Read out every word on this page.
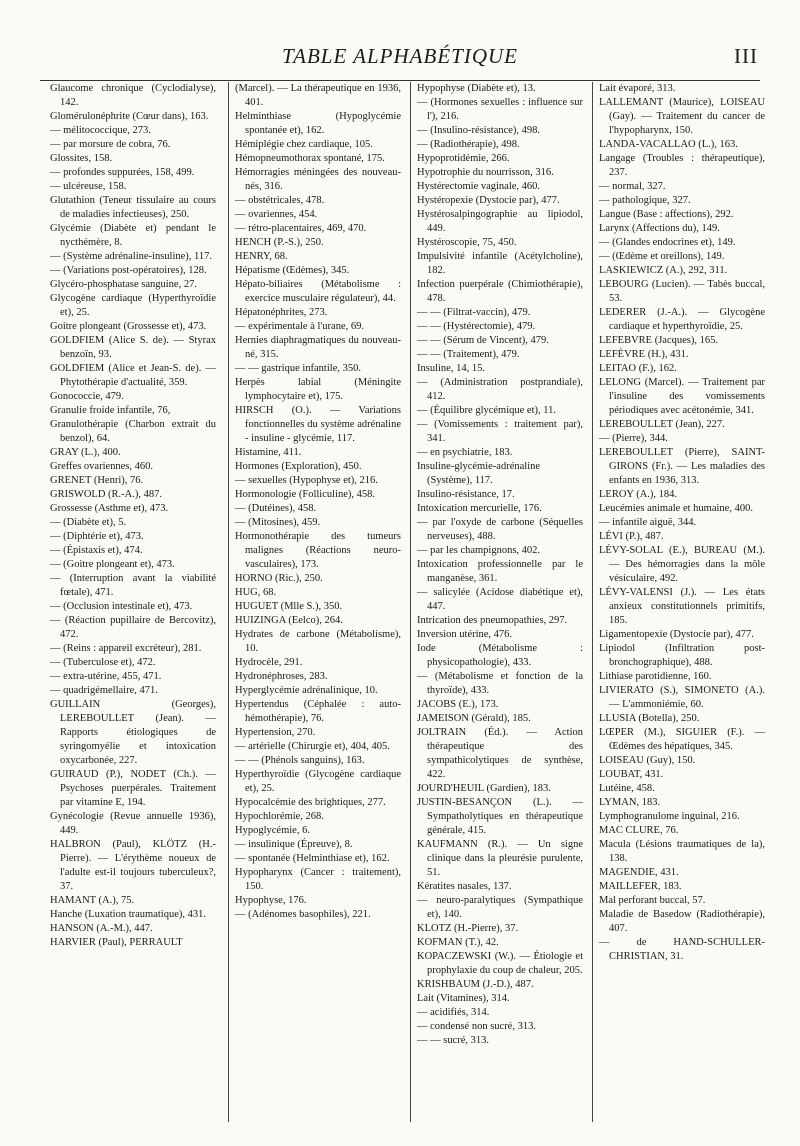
TABLE ALPHABÉTIQUE	III

Glaucome chronique (Cyclodialyse), 142.

Glomérulonéphrite (Cœur dans), 163.

— mélitococcique, 273.

— par morsure de cobra, 76.

Glossites, 158.

— profondes suppurées, 158, 499.

— ulcéreuse, 158.

Glutathion (Teneur tissulaire au cours de maladies infectieuses), 250.

Glycémie (Diabète et) pendant le nycthémère, 8.

— (Système adrénaline-insuline), 117.

— (Variations post-opératoires), 128.

Glycéro-phosphatase sanguine, 27.

Glycogène cardiaque (Hyperthyroïdie et), 25.

Goitre plongeant (Grossesse et), 473.

GOLDFIEM (Alice S. de). — Styrax benzoïn, 93.

GOLDFIEM (Alice et Jean-S. de). — Phytothérapie d'actualité, 359.

Gonococcie, 479.

Granulie froide infantile, 76,

Granulothérapie (Charbon extrait du benzol), 64.

GRAY (L.), 400.

Greffes ovariennes, 460.

GRENET (Henri), 76.

GRISWOLD (R.-A.), 487.

Grossesse (Asthme et), 473.

— (Diabète et), 5.

— (Diphtérie et), 473.

— (Épistaxis et), 474.

— (Goitre plongeant et), 473.

— (Interruption avant la viabilité fœtale), 471.

— (Occlusion intestinale et), 473.

— (Réaction pupillaire de Bercovitz), 472.

— (Reins : appareil excréteur), 281.

— (Tuberculose et), 472.

— extra-utérine, 455, 471.

— quadrigémellaire, 471.

GUILLAIN (Georges), LEREBOULLET (Jean). — Rapports étiologiques de syringomyélie et intoxication oxycarbonée, 227.

GUIRAUD (P.), NODET (Ch.). — Psychoses puerpérales. Traitement par vitamine E, 194.

Gynécologie (Revue annuelle 1936), 449.

HALBRON (Paul), KLÖTZ (H.-Pierre). — L'érythème noueux de l'adulte est-il toujours tuberculeux?, 37.

HAMANT (A.), 75.

Hanche (Luxation traumatique), 431.

HANSON (A.-M.), 447.

HARVIER (Paul), PERRAULT

(Marcel). — La thérapeutique en 1936, 401.

Helminthiase (Hypoglycémie spontanée et), 162.

Hémiplégie chez cardiaque, 105.

Hémopneumothorax spontané, 175.

Hémorragies méningées des nouveau-nés, 316.

— obstétricales, 478.

— ovariennes, 454.

— rétro-placentaires, 469, 470.

HENCH (P.-S.), 250.

HENRY, 68.

Hépatisme (Œdèmes), 345.

Hépato-biliaires (Métabolisme : exercice musculaire régulateur), 44.

Hépatonéphrites, 273.

— expérimentale à l'urane, 69.

Hernies diaphragmatiques du nouveau-né, 315.

— — gastrique infantile, 350.

Herpès labial (Méningite lymphocytaire et), 175.

HIRSCH (O.). — Variations fonctionnelles du système adrénaline - insuline - glycémie, 117.

Histamine, 411.

Hormones (Exploration), 450.

— sexuelles (Hypophyse et), 216.

Hormonologie (Folliculine), 458.

— (Dutéines), 458.

— (Mitosines), 459.

Hormonothérapie des tumeurs malignes (Réactions neuro-vasculaires), 173.

HORNO (Ric.), 250.

HUG, 68.

HUGUET (Mlle S.), 350.

HUIZINGA (Eelco), 264.

Hydrates de carbone (Métabolisme), 10.

Hydrocèle, 291.

Hydronéphroses, 283.

Hyperglycémie adrénalinique, 10.

Hypertendus (Céphalée : auto-hémothérapie), 76.

Hypertension, 270.

— artérielle (Chirurgie et), 404, 405.

— — (Phénols sanguins), 163.

Hyperthyroïdie (Glycogène cardiaque et), 25.

Hypocalcémie des brightiques, 277.

Hypochlorémie, 268.

Hypoglycémie, 6.

— insulinique (Épreuve), 8.

— spontanée (Helminthiase et), 162.

Hypopharynx (Cancer : traitement), 150.

Hypophyse, 176.

— (Adénomes basophiles), 221.

Hypophyse (Diabète et), 13.

— (Hormones sexuelles : influence sur l'), 216.

— (Insulino-résistance), 498.

— (Radiothérapie), 498.

Hypoprotidémie, 266.

Hypotrophie du nourrisson, 316.

Hystérectomie vaginale, 460.

Hystéropexie (Dystocie par), 477.

Hystérosalpingographie au lipiodol, 449.

Hystéroscopie, 75, 450.

Impulsivité infantile (Acétylcholine), 182.

Infection puerpérale (Chimiothérapie), 478.

— — (Filtrat-vaccin), 479.

— — (Hystérectomie), 479.

— — (Sérum de Vincent), 479.

— — (Traitement), 479.

Insuline, 14, 15.

— (Administration postprandiale), 412.

— (Équilibre glycémique et), 11.

— (Vomissements : traitement par), 341.

— en psychiatrie, 183.

Insuline-glycémie-adrénaline (Système), 117.

Insulino-résistance, 17.

Intoxication mercurielle, 176.

— par l'oxyde de carbone (Séquelles nerveuses), 488.

— par les champignons, 402.

Intoxication professionnelle par le manganèse, 361.

— salicylée (Acidose diabétique et), 447.

Intrication des pneumopathies, 297.

Inversion utérine, 476.

Iode (Métabolisme : physicopathologie), 433.

— (Métabolisme et fonction de la thyroïde), 433.

JACOBS (E.), 173.

JAMEISON (Gérald), 185.

JOLTRAIN (Éd.). — Action thérapeutique des sympathicolytiques de synthèse, 422.

JOURD'HEUIL (Gardien), 183.

JUSTIN-BESANÇON (L.). — Sympatholytiques en thérapeutique générale, 415.

KAUFMANN (R.). — Un signe clinique dans la pleurésie purulente, 51.

Kératites nasales, 137.

— neuro-paralytiques (Sympathique et), 140.

KLOTZ (H.-Pierre), 37.

KOFMAN (T.), 42.

KOPACZEWSKI (W.). — Étiologie et prophylaxie du coup de chaleur, 205.

KRISHBAUM (J.-D.), 487.

Lait (Vitamines), 314.

— acidifiés, 314.

— condensé non sucré, 313.

— — sucré, 313.

Lait évaporé, 313.

LALLEMANT (Maurice), LOISEAU (Gay). — Traitement du cancer de l'hypopharynx, 150.

LANDA-VACALLAO (L.), 163.

Langage (Troubles : thérapeutique), 237.

— normal, 327.

— pathologique, 327.

Langue (Base : affections), 292.

Larynx (Affections du), 149.

— (Glandes endocrines et), 149.

— (Œdème et oreillons), 149.

LASKIEWICZ (A.), 292, 311.

LEBOURG (Lucien). — Tabès buccal, 53.

LEDERER (J.-A.). — Glycogène cardiaque et hyperthyroïdie, 25.

LEFEBVRE (Jacques), 165.

LEFÈVRE (H.), 431.

LEITAO (F.), 162.

LELONG (Marcel). — Traitement par l'insuline des vomissements périodiques avec acétonémie, 341.

LEREBOULLET (Jean), 227.

— (Pierre), 344.

LEREBOULLET (Pierre), SAINT-GIRONS (Fr.). — Les maladies des enfants en 1936, 313.

LEROY (A.), 184.

Leucémies animale et humaine, 400.

— infantile aiguë, 344.

LÉVI (P.), 487.

LÉVY-SOLAL (E.), BUREAU (M.). — Des hémorragies dans la môle vésiculaire, 492.

LÉVY-VALENSI (J.). — Les états anxieux constitutionnels primitifs, 185.

Ligamentopexie (Dystocie par), 477.

Lipiodol (Infiltration post-bronchographique), 488.

Lithiase parotidienne, 160.

LIVIERATO (S.), SIMONETO (A.). — L'ammoniémie, 60.

LLUSIA (Botella), 250.

LŒPER (M.), SIGUIER (F.). — Œdèmes des hépatiques, 345.

LOISEAU (Guy), 150.

LOUBAT, 431.

Lutéine, 458.

LYMAN, 183.

Lymphogranulome inguinal, 216.

MAC CLURE, 76.

Macula (Lésions traumatiques de la), 138.

MAGENDIE, 431.

MAILLEFER, 183.

Mal perforant buccal, 57.

Maladie de Basedow (Radiothérapie), 407.

— de HAND-SCHULLER-CHRISTIAN, 31.
